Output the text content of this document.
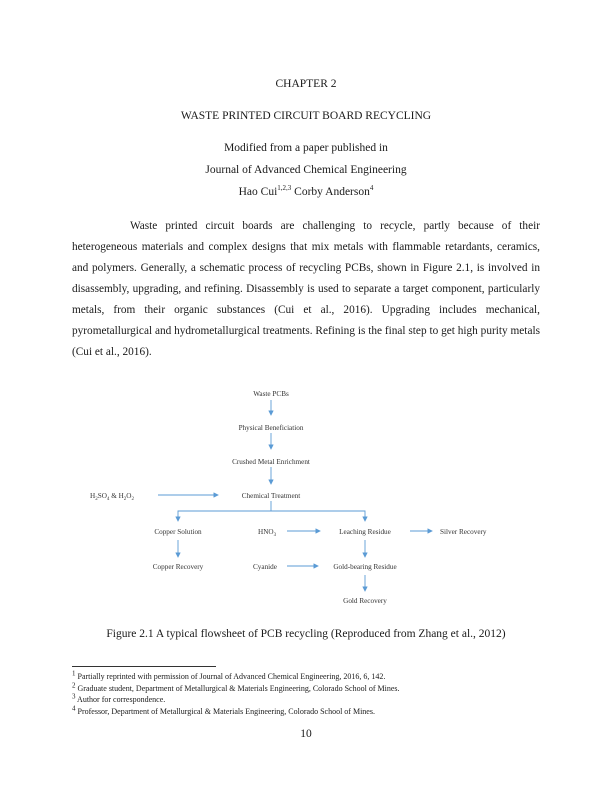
CHAPTER 2
WASTE PRINTED CIRCUIT BOARD RECYCLING
Modified from a paper published in
Journal of Advanced Chemical Engineering
Hao Cui$^{1,2,3}$ Corby Anderson$^4$
Waste printed circuit boards are challenging to recycle, partly because of their heterogeneous materials and complex designs that mix metals with flammable retardants, ceramics, and polymers. Generally, a schematic process of recycling PCBs, shown in Figure 2.1, is involved in disassembly, upgrading, and refining. Disassembly is used to separate a target component, particularly metals, from their organic substances (Cui et al., 2016). Upgrading includes mechanical, pyrometallurgical and hydrometallurgical treatments. Refining is the final step to get high purity metals (Cui et al., 2016).
Waste PCBs
Physical Beneficiation
Crushed Metal Enrichment
$H_2SO_4$ & $H_2O_2$	Chemical Treatment
Copper Solution	$HNO_3$	Leaching Residue	Silver Recovery
Copper Recovery	Cyanide	Gold-bearing Residue
Gold Recovery
Figure 2.1 A typical flowsheet of PCB recycling (Reproduced from Zhang et al., 2012)
$^1$ Partially reprinted with permission of Journal of Advanced Chemical Engineering, 2016, 6, 142.
$^2$ Graduate student, Department of Metallurgical & Materials Engineering, Colorado School of Mines.
$^3$ Author for correspondence.
$^4$ Professor, Department of Metallurgical & Materials Engineering, Colorado School of Mines.
10
